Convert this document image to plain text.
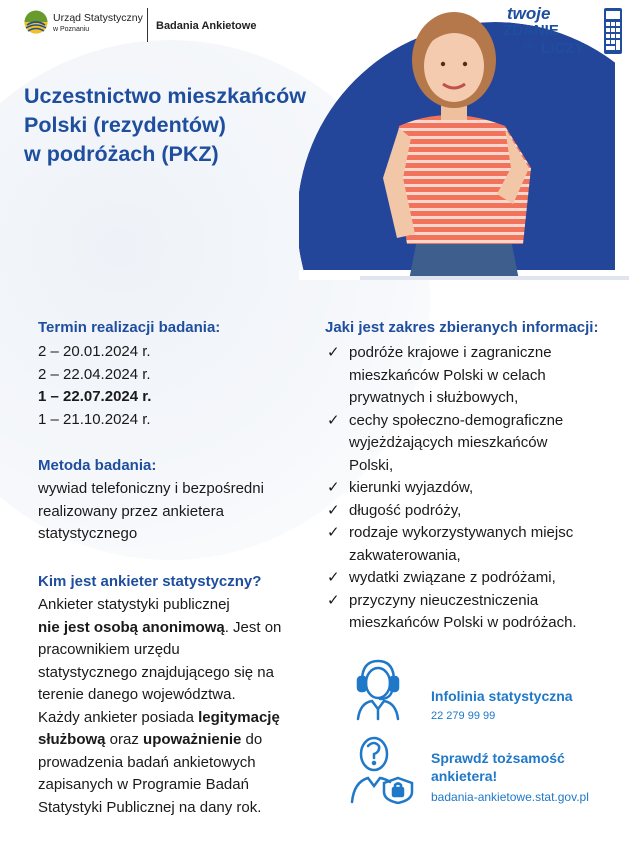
Urząd Statystyczny
w Poznaniu	Badania Ankietowe
twoje
ZDANIE
się LICZY
Uczestnictwo mieszkańców
Polski (rezydentów)
w podróżach (PKZ)
Termin realizacji badania:

2 – 20.01.2024 r.
2 – 22.04.2024 r.
1 – 22.07.2024 r.
1 – 21.10.2024 r.

Metoda badania:

wywiad telefoniczny i bezpośredni
realizowany przez ankietera
statystycznego

Kim jest ankieter statystyczny?

Ankieter statystyki publicznej
nie jest osobą anonimową. Jest on
pracownikiem urzędu
statystycznego znajdującego się na
terenie danego województwa.
Każdy ankieter posiada legitymację
służbową oraz upoważnienie do
prowadzenia badań ankietowych
zapisanych w Programie Badań
Statystyki Publicznej na dany rok.

Jaki jest zakres zbieranych informacji:
✓ podróże krajowe i zagraniczne
mieszkańców Polski w celach
prywatnych i służbowych,
✓ cechy społeczno-demograficzne
wyjeżdżających mieszkańców
Polski,
✓ kierunki wyjazdów,
✓ długość podróży,
✓ rodzaje wykorzystywanych miejsc
zakwaterowania,
✓ wydatki związane z podróżami,
✓ przyczyny nieuczestniczenia
mieszkańców Polski w podróżach.
Infolinia statystyczna
22 279 99 99
Sprawdź tożsamość
ankietera!
badania-ankietowe.stat.gov.pl
